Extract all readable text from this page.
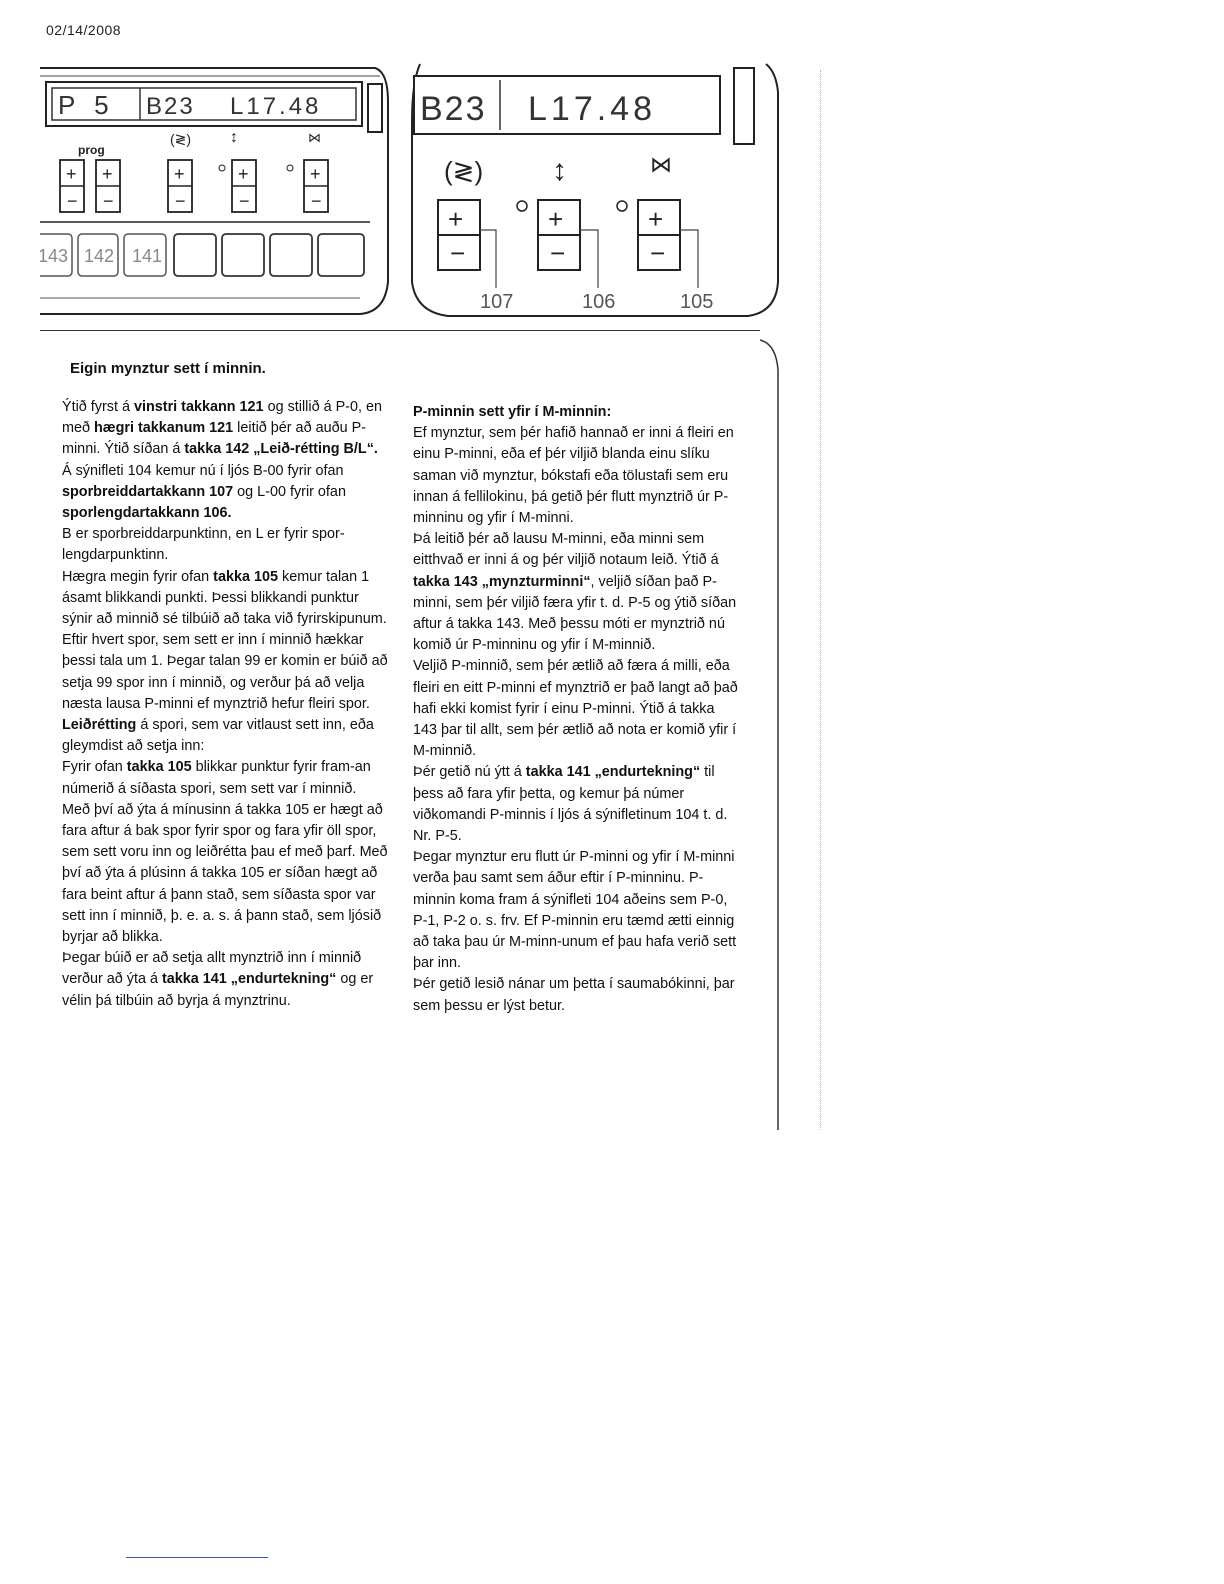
02/14/2008
P 5 B23 L17.48
prog
(≷) ↕	⋈
+
−
+
−
+
−
+
−
+
−
143 142 141
B23 L17.48
(≷) ↕	⋈
+
−
+
−
+
−
107	106	105
Eigin mynztur sett í minnin.

Ýtið fyrst á vinstri takkann 121 og stillið á P-0, en með hægri takkanum 121 leitið þér að auðu P-minni. Ýtið síðan á takka 142 „Leið-rétting B/L“. Á sýnifleti 104 kemur nú í ljós B-00 fyrir ofan sporbreiddartakkann 107 og L-00 fyrir ofan sporlengdartakkann 106.

B er sporbreiddarpunktinn, en L er fyrir spor-lengdarpunktinn.

Hægra megin fyrir ofan takka 105 kemur talan 1 ásamt blikkandi punkti. Þessi blikkandi punktur sýnir að minnið sé tilbúið að taka við fyrirskipunum. Eftir hvert spor, sem sett er inn í minnið hækkar þessi tala um 1. Þegar talan 99 er komin er búið að setja 99 spor inn í minnið, og verður þá að velja næsta lausa P-minni ef mynztrið hefur fleiri spor.

Leiðrétting á spori, sem var vitlaust sett inn, eða gleymdist að setja inn:

Fyrir ofan takka 105 blikkar punktur fyrir fram-an númerið á síðasta spori, sem sett var í minnið. Með því að ýta á mínusinn á takka 105 er hægt að fara aftur á bak spor fyrir spor og fara yfir öll spor, sem sett voru inn og leiðrétta þau ef með þarf. Með því að ýta á plúsinn á takka 105 er síðan hægt að fara beint aftur á þann stað, sem síðasta spor var sett inn í minnið, þ. e. a. s. á þann stað, sem ljósið byrjar að blikka.

Þegar búið er að setja allt mynztrið inn í minnið verður að ýta á takka 141 „endurtekning“ og er vélin þá tilbúin að byrja á mynztrinu.

P-minnin sett yfir í M-minnin:

Ef mynztur, sem þér hafið hannað er inni á fleiri en einu P-minni, eða ef þér viljið blanda einu slíku saman við mynztur, bókstafi eða tölustafi sem eru innan á fellilokinu, þá getið þér flutt mynztrið úr P-minninu og yfir í M-minni.

Þá leitið þér að lausu M-minni, eða minni sem eitthvað er inni á og þér viljið notaum leið. Ýtið á takka 143 „mynzturminni“, veljið síðan það P-minni, sem þér viljið færa yfir t. d. P-5 og ýtið síðan aftur á takka 143. Með þessu móti er mynztrið nú komið úr P-minninu og yfir í M-minnið.

Veljið P-minnið, sem þér ætlið að færa á milli, eða fleiri en eitt P-minni ef mynztrið er það langt að það hafi ekki komist fyrir í einu P-minni. Ýtið á takka 143 þar til allt, sem þér ætlið að nota er komið yfir í M-minnið.

Þér getið nú ýtt á takka 141 „endurtekning“ til þess að fara yfir þetta, og kemur þá númer viðkomandi P-minnis í ljós á sýnifletinum 104 t. d. Nr. P-5.

Þegar mynztur eru flutt úr P-minni og yfir í M-minni verða þau samt sem áður eftir í P-minninu. P-minnin koma fram á sýnifleti 104 aðeins sem P-0, P-1, P-2 o. s. frv. Ef P-minnin eru tæmd ætti einnig að taka þau úr M-minn-unum ef þau hafa verið sett þar inn.

Þér getið lesið nánar um þetta í saumabókinni, þar sem þessu er lýst betur.
